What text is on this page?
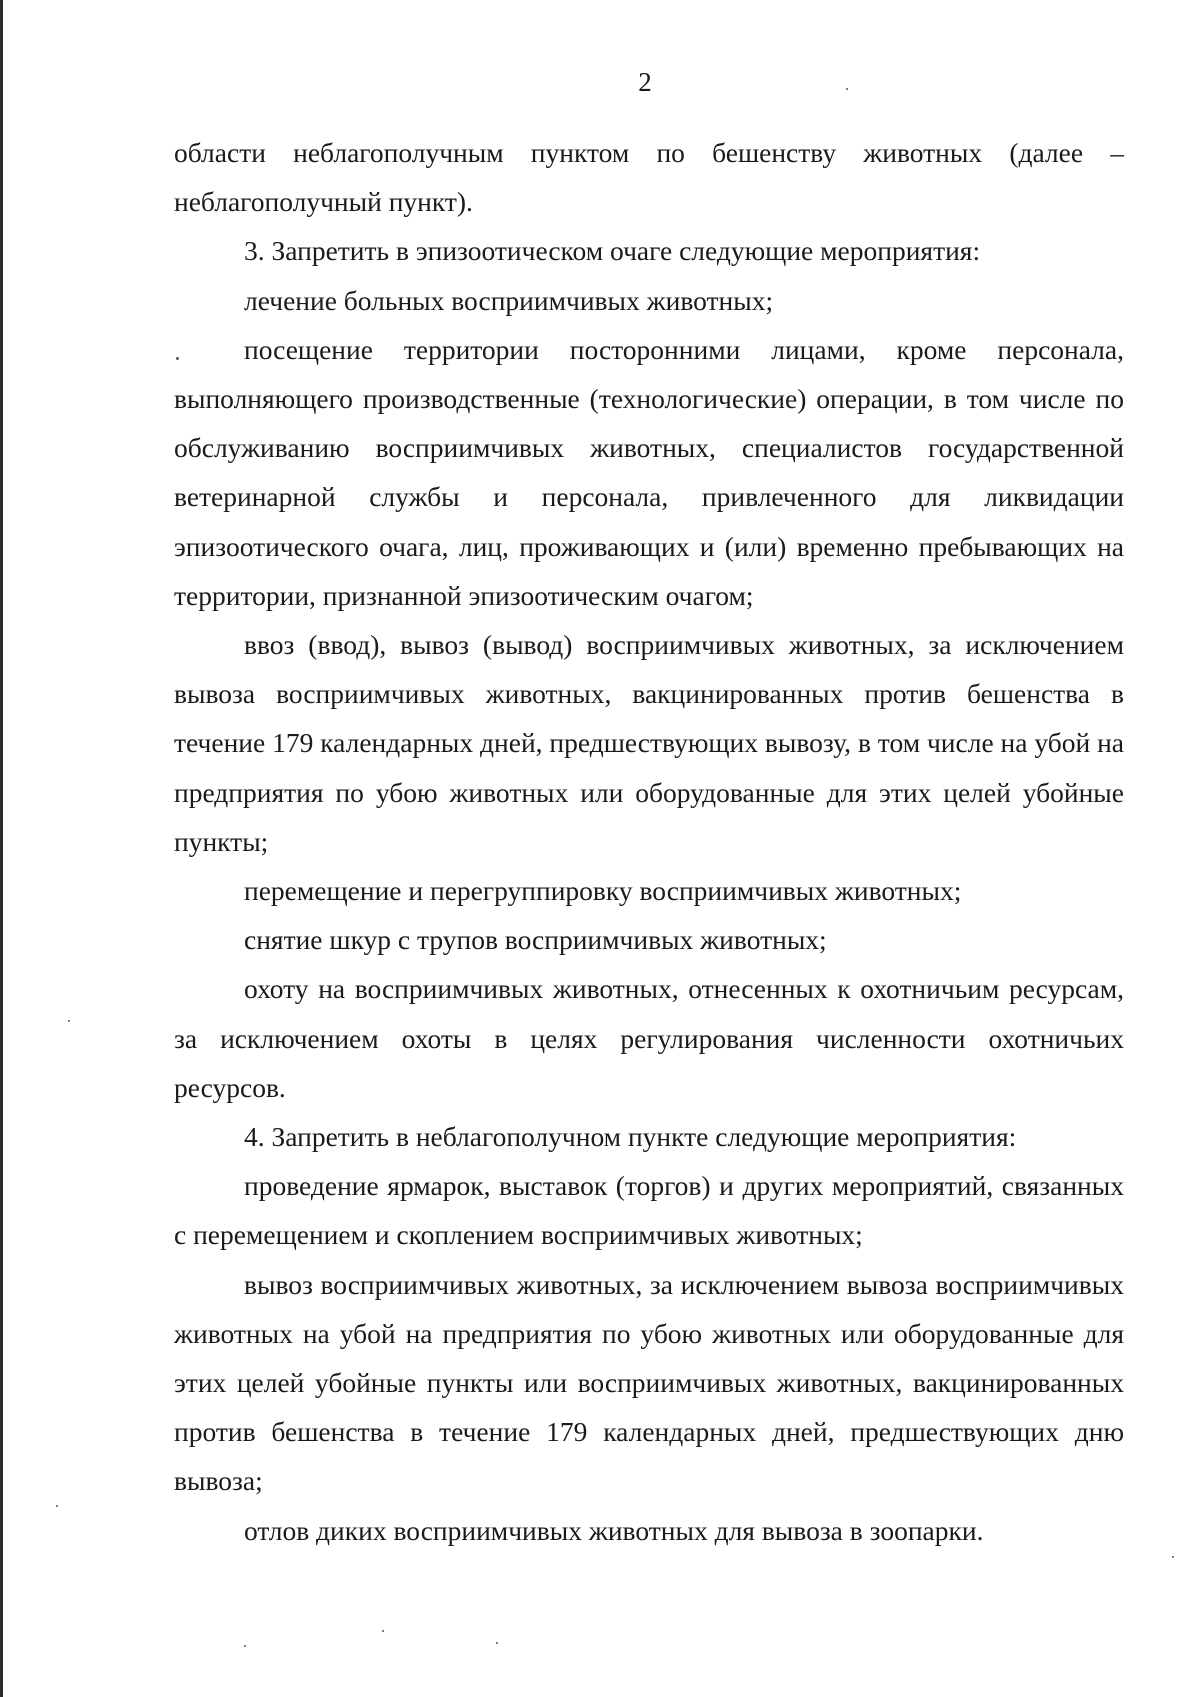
2

области неблагополучным пунктом по бешенству животных (далее – неблагополучный пункт).

3. Запретить в эпизоотическом очаге следующие мероприятия:

лечение больных восприимчивых животных;

посещение территории посторонними лицами, кроме персонала, выполняющего производственные (технологические) операции, в том числе по обслуживанию восприимчивых животных, специалистов государственной ветеринарной службы и персонала, привлеченного для ликвидации эпизоотического очага, лиц, проживающих и (или) временно пребывающих на территории, признанной эпизоотическим очагом;

ввоз (ввод), вывоз (вывод) восприимчивых животных, за исключением вывоза восприимчивых животных, вакцинированных против бешенства в течение 179 календарных дней, предшествующих вывозу, в том числе на убой на предприятия по убою животных или оборудованные для этих целей убойные пункты;

перемещение и перегруппировку восприимчивых животных;

снятие шкур с трупов восприимчивых животных;

охоту на восприимчивых животных, отнесенных к охотничьим ресурсам, за исключением охоты в целях регулирования численности охотничьих ресурсов.

4. Запретить в неблагополучном пункте следующие мероприятия:

проведение ярмарок, выставок (торгов) и других мероприятий, связанных с перемещением и скоплением восприимчивых животных;

вывоз восприимчивых животных, за исключением вывоза восприимчивых животных на убой на предприятия по убою животных или оборудованные для этих целей убойные пункты или восприимчивых животных, вакцинированных против бешенства в течение 179 календарных дней, предшествующих дню вывоза;

отлов диких восприимчивых животных для вывоза в зоопарки.
